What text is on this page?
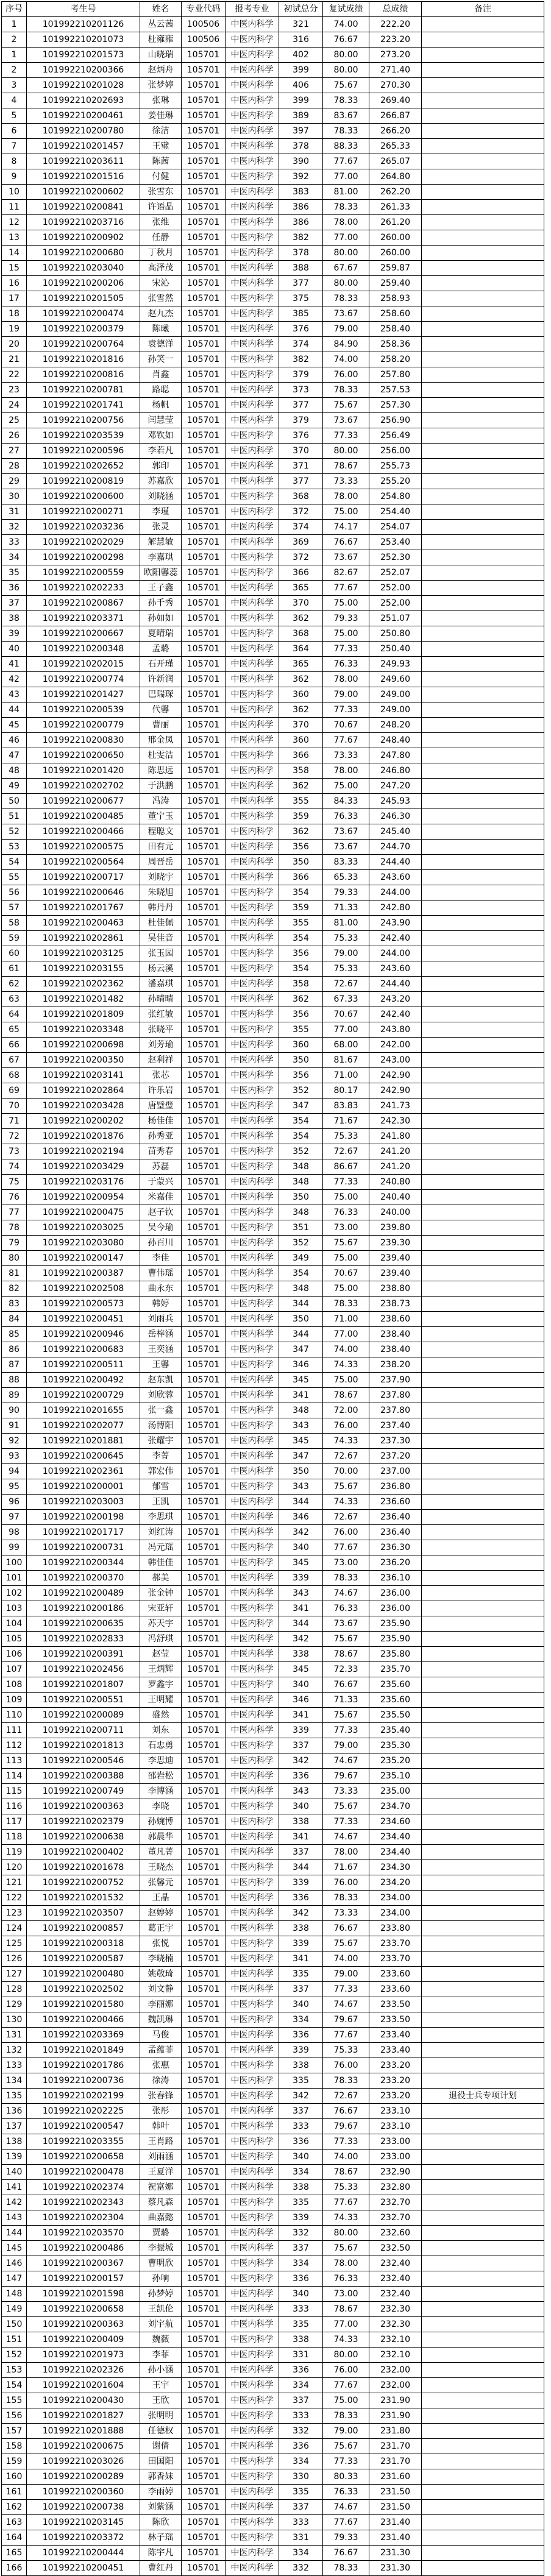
序号	考生号	姓名	专业代码	报考专业	初试总分	复试成绩	总成绩	备注
1	101992210201126	丛云茜	100506	中医内科学	321	74.00	222.20	
2	101992210201073	杜雍雍	100506	中医内科学	316	76.67	223.20	
1	101992210201573	山晓瑞	105701	中医内科学	402	80.00	273.20	
2	101992210200366	赵炳舟	105701	中医内科学	399	80.00	271.40	
3	101992210201028	张梦婷	105701	中医内科学	406	75.67	270.30	
4	101992210202693	张琳	105701	中医内科学	399	78.33	269.40	
5	101992210200461	姜佳琳	105701	中医内科学	389	83.67	266.87	
6	101992210200780	徐洁	105701	中医内科学	397	78.33	266.20	
7	101992210201457	王璧	105701	中医内科学	378	88.33	265.33	
8	101992210203611	陈茜	105701	中医内科学	390	77.67	265.07	
9	101992210201516	付健	105701	中医内科学	392	77.00	264.80	
10	101992210200602	张雪东	105701	中医内科学	383	81.00	262.20	
11	101992210200841	许语晶	105701	中医内科学	386	78.33	261.33	
12	101992210203716	张维	105701	中医内科学	386	78.00	261.20	
13	101992210200902	任静	105701	中医内科学	382	77.00	260.00	
14	101992210200680	丁秋月	105701	中医内科学	378	80.00	260.00	
15	101992210203040	高泽茂	105701	中医内科学	388	67.67	259.87	
16	101992210200206	宋沁	105701	中医内科学	377	80.00	259.40	
17	101992210201505	张雪然	105701	中医内科学	375	78.33	258.93	
18	101992210200474	赵九杰	105701	中医内科学	385	73.67	258.60	
19	101992210200379	陈曦	105701	中医内科学	376	79.00	258.40	
20	101992210200764	袁德洋	105701	中医内科学	374	84.90	258.36	
21	101992210201816	孙笑一	105701	中医内科学	382	74.00	258.20	
22	101992210200816	肖鑫	105701	中医内科学	379	76.00	257.80	
23	101992210200781	路聪	105701	中医内科学	373	78.33	257.53	
24	101992210201741	杨帆	105701	中医内科学	377	75.67	257.30	
25	101992210200756	闫慧莹	105701	中医内科学	379	73.67	256.90	
26	101992210203539	邓钦如	105701	中医内科学	376	77.33	256.49	
27	101992210200596	李若凡	105701	中医内科学	370	80.00	256.00	
28	101992210202652	郭印	105701	中医内科学	371	78.67	255.73	
29	101992210200819	苏嘉欣	105701	中医内科学	377	73.33	255.20	
30	101992210200600	刘晓涵	105701	中医内科学	368	78.00	254.80	
31	101992210200271	李瑾	105701	中医内科学	372	75.00	254.40	
32	101992210203236	张灵	105701	中医内科学	374	74.17	254.07	
33	101992210202029	解慧敏	105701	中医内科学	369	76.67	253.40	
34	101992210200298	李嘉琪	105701	中医内科学	372	73.67	252.30	
35	101992210200559	欧阳馨蕊	105701	中医内科学	366	82.67	252.07	
36	101992210202233	王子鑫	105701	中医内科学	365	77.67	252.00	
37	101992210200867	孙千秀	105701	中医内科学	370	75.00	252.00	
38	101992210203371	孙如如	105701	中医内科学	362	79.33	251.07	
39	101992210200667	夏晴瑞	105701	中医内科学	368	75.00	250.80	
40	101992210200348	孟璐	105701	中医内科学	364	77.33	250.40	
41	101992210202015	石开瑾	105701	中医内科学	365	76.33	249.93	
42	101992210200774	许新润	105701	中医内科学	362	78.00	249.60	
43	101992210201427	巴瑞琛	105701	中医内科学	360	79.00	249.00	
44	101992210200539	代馨	105701	中医内科学	362	77.33	249.00	
45	101992210200779	曹丽	105701	中医内科学	370	70.67	248.20	
46	101992210200830	邢金凤	105701	中医内科学	360	77.67	248.40	
47	101992210200650	杜雯洁	105701	中医内科学	366	73.33	247.80	
48	101992210201420	陈思远	105701	中医内科学	358	78.00	246.80	
49	101992210202702	于洪鹏	105701	中医内科学	362	75.00	247.20	
50	101992210200677	冯涛	105701	中医内科学	355	84.33	245.93	
51	101992210200485	董宁玉	105701	中医内科学	359	76.33	246.30	
52	101992210200466	程聪文	105701	中医内科学	362	73.67	245.40	
53	101992210200575	田有元	105701	中医内科学	356	73.67	244.70	
54	101992210200564	周晋岳	105701	中医内科学	350	83.33	244.40	
55	101992210200717	刘晓宇	105701	中医内科学	366	65.33	243.60	
56	101992210200646	朱晓旭	105701	中医内科学	354	79.33	244.00	
57	101992210201767	韩丹丹	105701	中医内科学	359	71.33	242.80	
58	101992210200463	杜佳佩	105701	中医内科学	355	81.00	243.90	
59	101992210202861	吴佳音	105701	中医内科学	354	75.33	242.40	
60	101992210203125	张玉园	105701	中医内科学	356	79.00	244.00	
61	101992210203155	杨云溪	105701	中医内科学	354	75.33	243.60	
62	101992210202362	潘嘉琪	105701	中医内科学	358	72.67	244.40	
63	101992210201482	孙晴晴	105701	中医内科学	362	67.33	243.20	
64	101992210201809	张红敏	105701	中医内科学	356	70.67	242.40	
65	101992210203348	张晓平	105701	中医内科学	355	77.00	243.80	
66	101992210200698	刘芳瑜	105701	中医内科学	360	68.00	242.00	
67	101992210200350	赵利祥	105701	中医内科学	350	81.67	243.00	
68	101992210203141	张芯	105701	中医内科学	356	71.00	242.90	
69	101992210202864	许乐岩	105701	中医内科学	352	80.17	242.90	
70	101992210203428	唐璧璧	105701	中医内科学	347	83.83	241.73	
71	101992210200202	杨佳佳	105701	中医内科学	354	71.67	242.30	
72	101992210201876	孙秀亚	105701	中医内科学	354	75.33	241.80	
73	101992210202194	苗秀春	105701	中医内科学	352	72.67	241.20	
74	101992210203429	苏磊	105701	中医内科学	348	86.67	241.20	
75	101992210203176	于蒙兴	105701	中医内科学	348	77.33	240.80	
76	101992210200954	米嘉佳	105701	中医内科学	350	75.00	240.40	
77	101992210200475	赵子钦	105701	中医内科学	348	76.33	240.00	
78	101992210203025	吴今瑜	105701	中医内科学	351	73.00	239.80	
79	101992210203080	孙百川	105701	中医内科学	352	75.67	239.30	
80	101992210200147	李佳	105701	中医内科学	349	75.00	239.40	
81	101992210200387	曹伟瑶	105701	中医内科学	354	70.67	239.40	
82	101992210202508	曲永东	105701	中医内科学	348	75.00	238.80	
83	101992210200573	韩婷	105701	中医内科学	344	78.33	238.73	
84	101992210200451	刘雨兵	105701	中医内科学	350	71.00	238.60	
85	101992210200946	岳梓涵	105701	中医内科学	344	77.00	238.40	
86	101992210200683	王奕涵	105701	中医内科学	347	74.00	238.40	
87	101992210200511	王馨	105701	中医内科学	346	74.33	238.20	
88	101992210200492	赵东凯	105701	中医内科学	345	75.00	237.90	
89	101992210200729	刘欣蓉	105701	中医内科学	341	78.67	237.80	
90	101992210201655	张一鑫	105701	中医内科学	348	72.00	237.80	
91	101992210202077	汤博阳	105701	中医内科学	343	76.00	237.40	
92	101992210201881	张耀宇	105701	中医内科学	345	74.33	237.30	
93	101992210200645	李菁	105701	中医内科学	347	72.67	237.20	
94	101992210202361	郭宏伟	105701	中医内科学	350	70.00	237.00	
95	101992210200001	郁雪	105701	中医内科学	343	75.67	236.80	
96	101992210203003	王凯	105701	中医内科学	344	74.33	236.60	
97	101992210200198	李思琪	105701	中医内科学	346	72.67	236.40	
98	101992210201717	刘红涛	105701	中医内科学	342	76.00	236.40	
99	101992210200731	冯元瑶	105701	中医内科学	340	77.67	236.30	
100	101992210200344	韩佳佳	105701	中医内科学	345	73.00	236.20	
101	101992210200370	郝美	105701	中医内科学	339	78.33	236.10	
102	101992210200489	张金钟	105701	中医内科学	343	74.67	236.00	
103	101992210200186	宋亚轩	105701	中医内科学	341	76.33	236.00	
104	101992210200635	苏天宇	105701	中医内科学	344	73.67	235.90	
105	101992210202833	冯舒琪	105701	中医内科学	342	75.67	235.90	
106	101992210200391	赵莹	105701	中医内科学	338	78.67	235.80	
107	101992210202456	王炳辉	105701	中医内科学	345	72.33	235.70	
108	101992210201807	罗鑫宇	105701	中医内科学	340	76.67	235.60	
109	101992210200551	王明耀	105701	中医内科学	346	71.33	235.60	
110	101992210200089	盛然	105701	中医内科学	341	75.67	235.50	
111	101992210200711	刘东	105701	中医内科学	339	77.33	235.40	
112	101992210201813	石忠勇	105701	中医内科学	337	79.00	235.30	
113	101992210200546	李思迪	105701	中医内科学	342	74.67	235.20	
114	101992210200388	邵岩松	105701	中医内科学	336	79.67	235.10	
115	101992210200749	李博涵	105701	中医内科学	343	73.33	235.00	
116	101992210200363	李晓	105701	中医内科学	340	75.67	234.70	
117	101992210202379	孙婉博	105701	中医内科学	338	77.33	234.60	
118	101992210200638	郭晨华	105701	中医内科学	341	74.67	234.40	
119	101992210200402	董凡菁	105701	中医内科学	337	78.00	234.40	
120	101992210201678	王晓杰	105701	中医内科学	344	71.67	234.30	
121	101992210200752	张馨元	105701	中医内科学	339	76.00	234.20	
122	101992210201532	王晶	105701	中医内科学	336	78.33	234.00	
123	101992210203507	赵婷婷	105701	中医内科学	342	73.33	234.00	
124	101992210200857	葛正宇	105701	中医内科学	338	76.67	233.80	
125	101992210200318	张悦	105701	中医内科学	339	75.67	233.70	
126	101992210200587	李晓楠	105701	中医内科学	341	74.00	233.70	
127	101992210200480	姚敬琦	105701	中医内科学	335	79.00	233.60	
128	101992210202502	刘文静	105701	中医内科学	337	77.33	233.60	
129	101992210201580	李丽娜	105701	中医内科学	340	74.67	233.50	
130	101992210200466	魏凯琳	105701	中医内科学	334	79.67	233.50	
131	101992210203369	马俊	105701	中医内科学	336	77.67	233.40	
132	101992210201849	孟蕴菲	105701	中医内科学	339	75.33	233.40	
133	101992210201786	张惠	105701	中医内科学	338	76.00	233.20	
134	101992210200736	徐涛	105701	中医内科学	335	78.33	233.20	
135	101992210202199	张春锋	105701	中医内科学	342	72.67	233.20	退役士兵专项计划
136	101992210202225	张彤	105701	中医内科学	337	76.67	233.10	
137	101992210200547	韩叶	105701	中医内科学	333	79.67	233.10	
138	101992210203355	王肖路	105701	中医内科学	336	77.33	233.00	
139	101992210200658	刘雨涵	105701	中医内科学	340	74.00	233.00	
140	101992210200478	王夏洋	105701	中医内科学	334	78.67	232.90	
141	101992210202374	祝富娜	105701	中医内科学	338	75.33	232.80	
142	101992210202343	蔡凡森	105701	中医内科学	335	77.67	232.70	
143	101992210202304	曲嘉懿	105701	中医内科学	339	74.33	232.70	
144	101992210203570	贾璐	105701	中医内科学	332	80.00	232.60	
145	101992210200486	李振城	105701	中医内科学	337	75.67	232.50	
146	101992210200367	曹明欣	105701	中医内科学	334	78.00	232.40	
147	101992210200157	孙响	105701	中医内科学	336	76.33	232.40	
148	101992210201598	孙梦婷	105701	中医内科学	340	73.00	232.40	
149	101992210200658	王凯伦	105701	中医内科学	333	78.67	232.30	
150	101992210200363	刘宇航	105701	中医内科学	335	77.00	232.30	
151	101992210200409	魏薇	105701	中医内科学	338	74.33	232.10	
152	101992210201973	李菲	105701	中医内科学	331	80.00	232.10	
153	101992210202326	孙小涵	105701	中医内科学	336	76.00	232.00	
154	101992210201604	王宇	105701	中医内科学	334	77.67	232.00	
155	101992210200430	王欣	105701	中医内科学	337	75.00	231.90	
156	101992210201827	张明明	105701	中医内科学	333	78.33	231.90	
157	101992210201888	任德权	105701	中医内科学	332	79.00	231.80	
158	101992210200675	谢倩	105701	中医内科学	336	75.67	231.70	
159	101992210203026	田国阳	105701	中医内科学	334	77.33	231.70	
160	101992210200289	郭香妹	105701	中医内科学	330	80.33	231.60	
161	101992210200360	李雨婷	105701	中医内科学	335	76.33	231.50	
162	101992210200738	刘紫涵	105701	中医内科学	337	74.67	231.50	
163	101992210203145	陈欣	105701	中医内科学	333	77.67	231.40	
164	101992210203372	林子瑶	105701	中医内科学	331	79.33	231.40	
165	101992210200444	陈宇凡	105701	中医内科学	334	76.67	231.30	
166	101992210200451	曹红丹	105701	中医内科学	332	78.33	231.30	
